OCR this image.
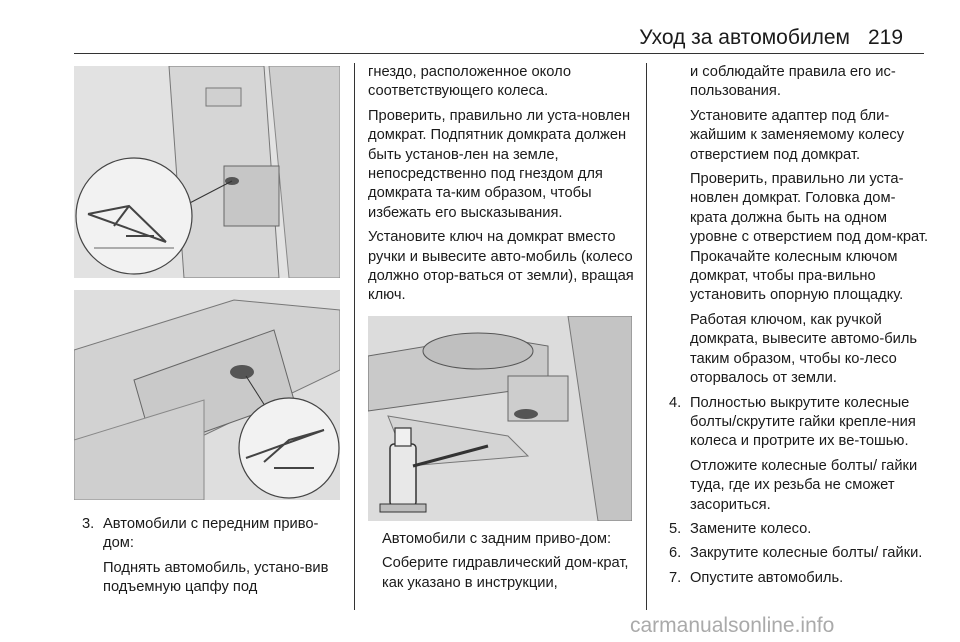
Уход за автомобилем 219
3. Автомобили с передним приво-дом:

Поднять автомобиль, устано-вив подъемную цапфу под

гнездо, расположенное около соответствующего колеса.

Проверить, правильно ли уста-новлен домкрат. Подпятник домкрата должен быть установ-лен на земле, непосредственно под гнездом для домкрата та-ким образом, чтобы избежать его высказывания.

Установите ключ на домкрат вместо ручки и вывесите авто-мобиль (колесо должно отор-ваться от земли), вращая ключ.

Автомобили с задним приво-дом:

Соберите гидравлический дом-крат, как указано в инструкции,

и соблюдайте правила его ис-пользования.

Установите адаптер под бли-жайшим к заменяемому колесу отверстием под домкрат.

Проверить, правильно ли уста-новлен домкрат. Головка дом-крата должна быть на одном уровне с отверстием под дом-крат. Прокачайте колесным ключом домкрат, чтобы пра-вильно установить опорную площадку.

Работая ключом, как ручкой домкрата, вывесите автомо-биль таким образом, чтобы ко-лесо оторвалось от земли.

4. Полностью выкрутите колесные болты/скрутите гайки крепле-ния колеса и протрите их ве-тошью.

Отложите колесные болты/ гайки туда, где их резьба не сможет засориться.

5. Замените колесо.
6. Закрутите колесные болты/ гайки.
7. Опустите автомобиль.
carmanualsonline.info
